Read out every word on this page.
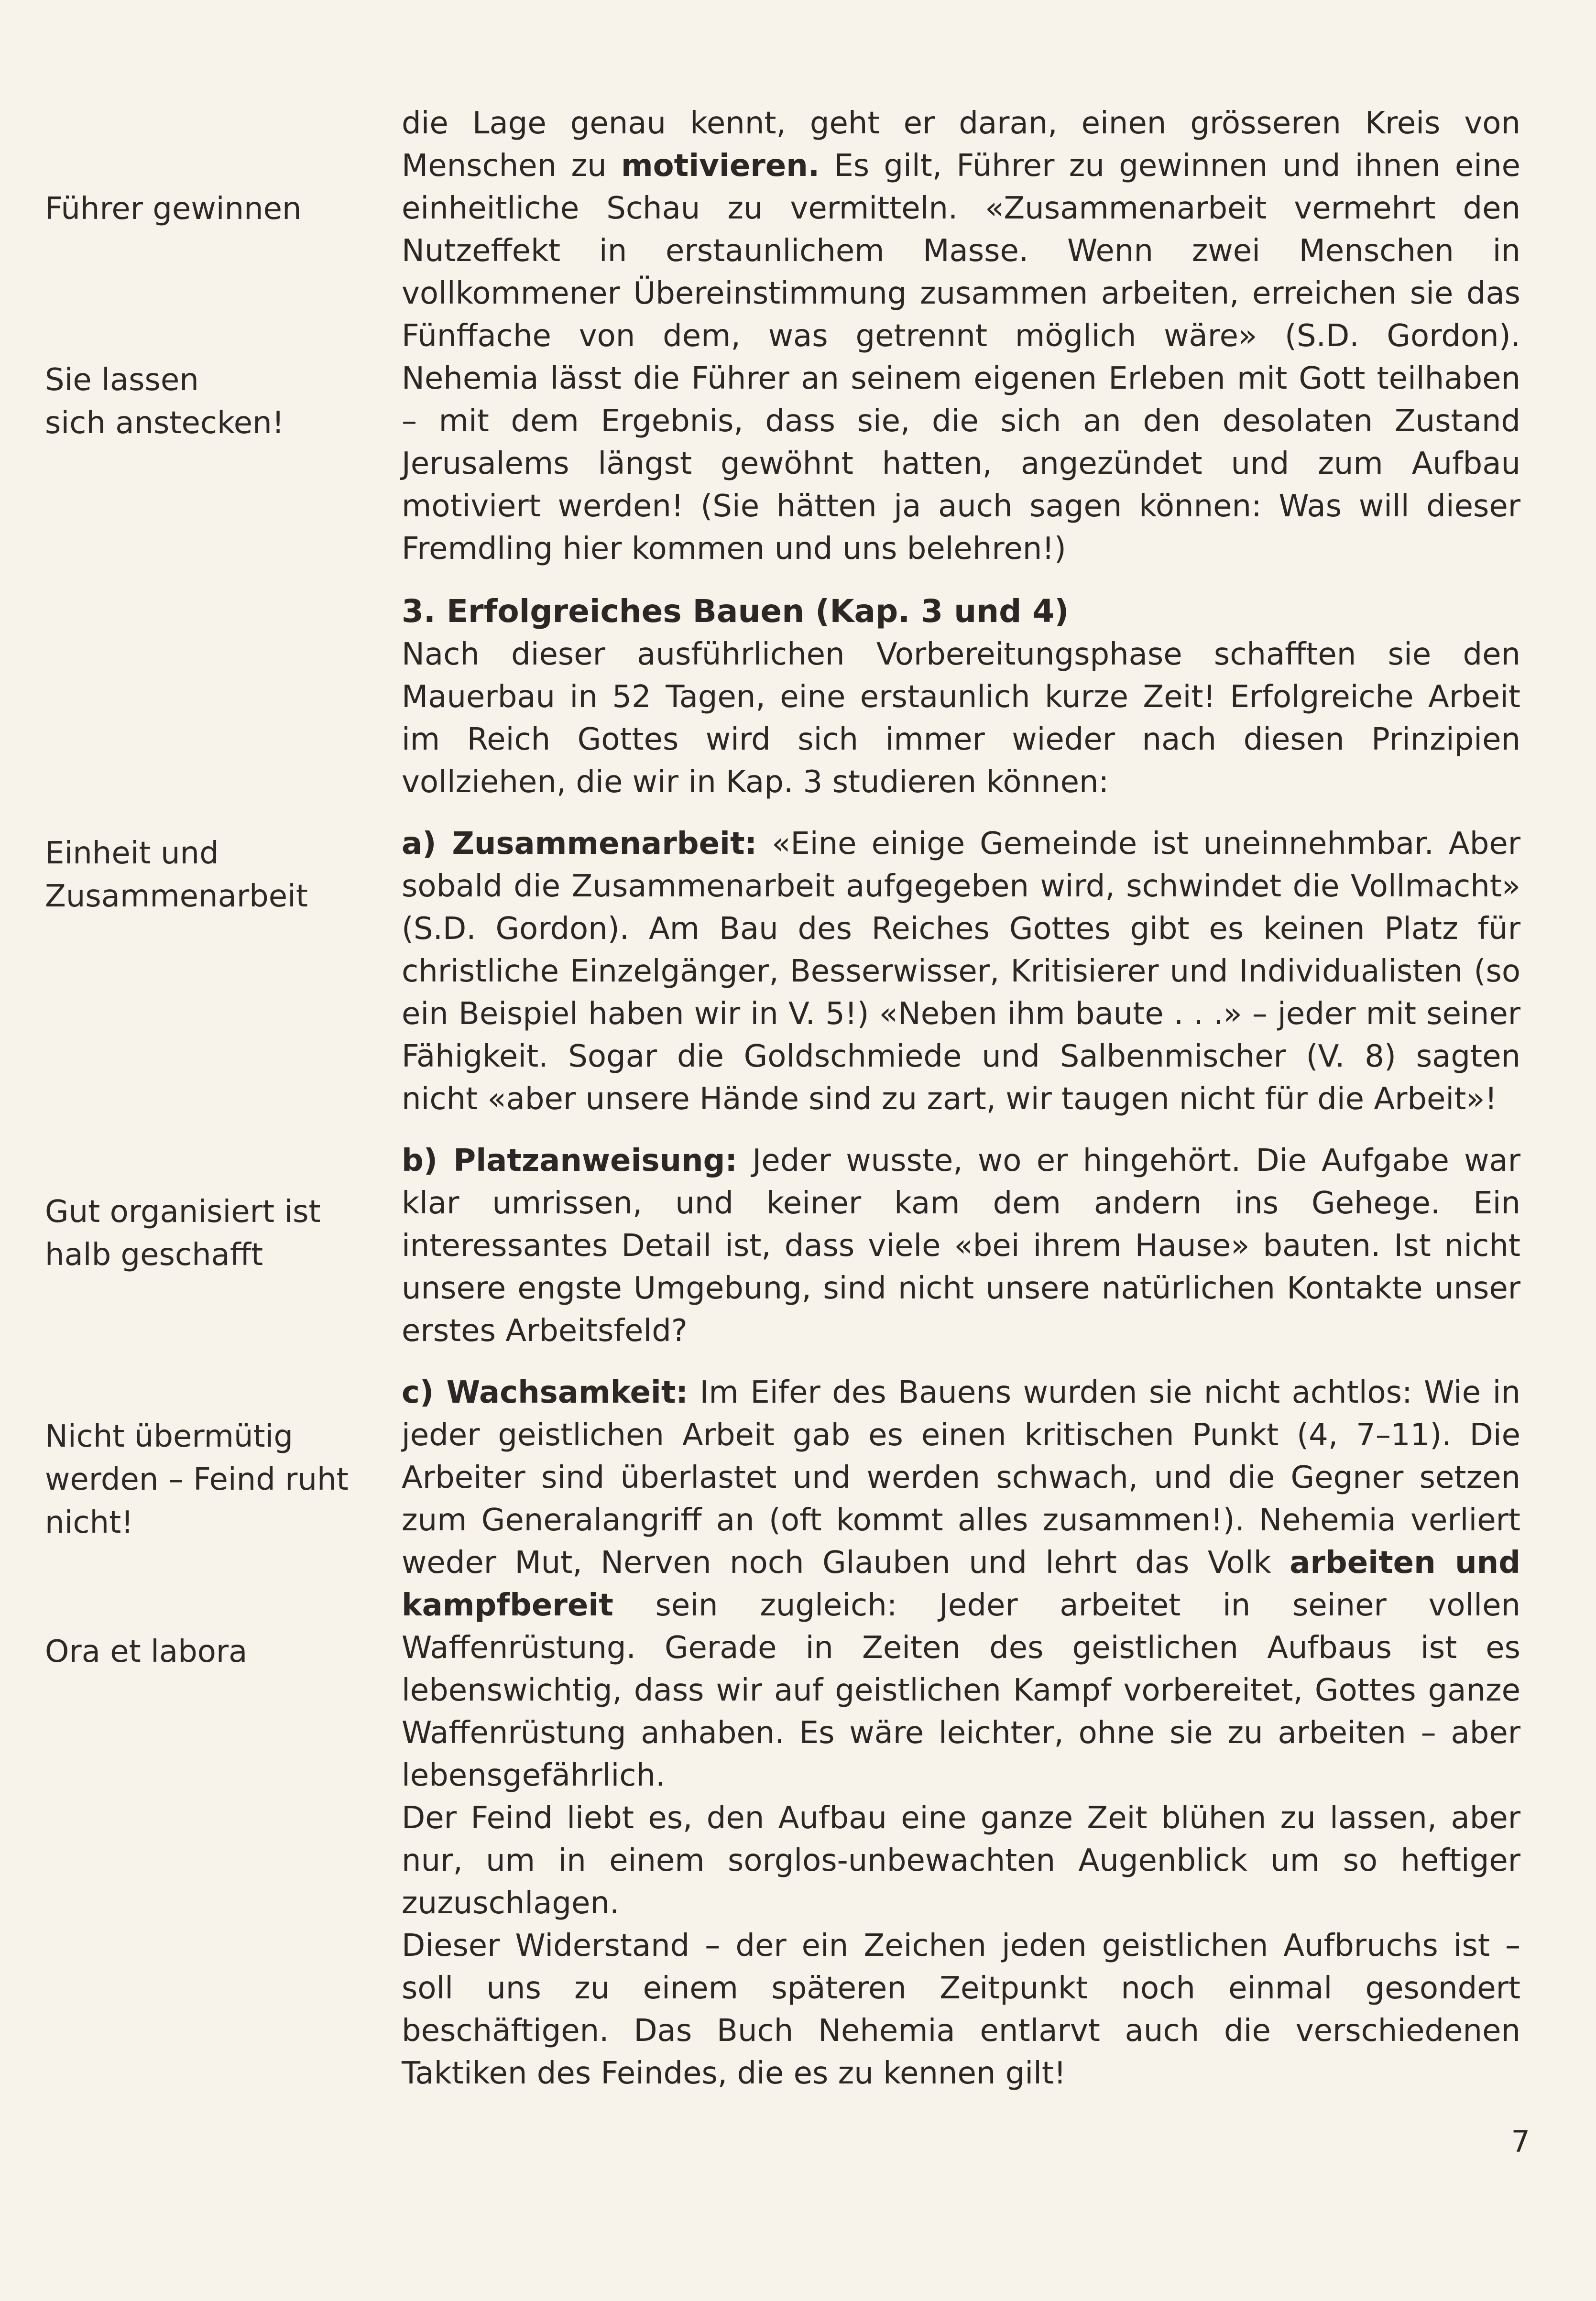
Führer gewinnen
Sie lassen
sich anstecken!
Einheit und
Zusammenarbeit
Gut organisiert ist
halb geschafft
Nicht übermütig
werden – Feind ruht
nicht!
Ora et labora

die Lage genau kennt, geht er daran, einen grösseren Kreis von Menschen zu motivieren. Es gilt, Führer zu gewinnen und ihnen eine einheitliche Schau zu vermitteln. «Zusammenarbeit vermehrt den Nutzeffekt in erstaunlichem Masse. Wenn zwei Menschen in vollkommener Übereinstimmung zusammen arbeiten, erreichen sie das Fünffache von dem, was getrennt möglich wäre» (S.D. Gordon). Nehemia lässt die Führer an seinem eigenen Erleben mit Gott teilhaben – mit dem Ergebnis, dass sie, die sich an den desolaten Zustand Jerusalems längst gewöhnt hatten, angezündet und zum Aufbau motiviert werden! (Sie hätten ja auch sagen können: Was will dieser Fremdling hier kommen und uns belehren!)

3. Erfolgreiches Bauen (Kap. 3 und 4)

Nach dieser ausführlichen Vorbereitungsphase schafften sie den Mauerbau in 52 Tagen, eine erstaunlich kurze Zeit! Erfolgreiche Arbeit im Reich Gottes wird sich immer wieder nach diesen Prinzipien vollziehen, die wir in Kap. 3 studieren können:

a) Zusammenarbeit: «Eine einige Gemeinde ist uneinnehmbar. Aber sobald die Zusammenarbeit aufgegeben wird, schwindet die Vollmacht» (S.D. Gordon). Am Bau des Reiches Gottes gibt es keinen Platz für christliche Einzelgänger, Besserwisser, Kritisierer und Individualisten (so ein Beispiel haben wir in V. 5!) «Neben ihm baute . . .» – jeder mit seiner Fähigkeit. Sogar die Goldschmiede und Salbenmischer (V. 8) sagten nicht «aber unsere Hände sind zu zart, wir taugen nicht für die Arbeit»!

b) Platzanweisung: Jeder wusste, wo er hingehört. Die Aufgabe war klar umrissen, und keiner kam dem andern ins Gehege. Ein interessantes Detail ist, dass viele «bei ihrem Hause» bauten. Ist nicht unsere engste Umgebung, sind nicht unsere natürlichen Kontakte unser erstes Arbeitsfeld?

c) Wachsamkeit: Im Eifer des Bauens wurden sie nicht achtlos: Wie in jeder geistlichen Arbeit gab es einen kritischen Punkt (4, 7–11). Die Arbeiter sind überlastet und werden schwach, und die Gegner setzen zum Generalangriff an (oft kommt alles zusammen!). Nehemia verliert weder Mut, Nerven noch Glauben und lehrt das Volk arbeiten und kampfbereit sein zugleich: Jeder arbeitet in seiner vollen Waffenrüstung. Gerade in Zeiten des geistlichen Aufbaus ist es lebenswichtig, dass wir auf geistlichen Kampf vorbereitet, Gottes ganze Waffenrüstung anhaben. Es wäre leichter, ohne sie zu arbeiten – aber lebensgefährlich.

Der Feind liebt es, den Aufbau eine ganze Zeit blühen zu lassen, aber nur, um in einem sorglos-unbewachten Augenblick um so heftiger zuzuschlagen.

Dieser Widerstand – der ein Zeichen jeden geistlichen Aufbruchs ist – soll uns zu einem späteren Zeitpunkt noch einmal gesondert beschäftigen. Das Buch Nehemia entlarvt auch die verschiedenen Taktiken des Feindes, die es zu kennen gilt!

7
